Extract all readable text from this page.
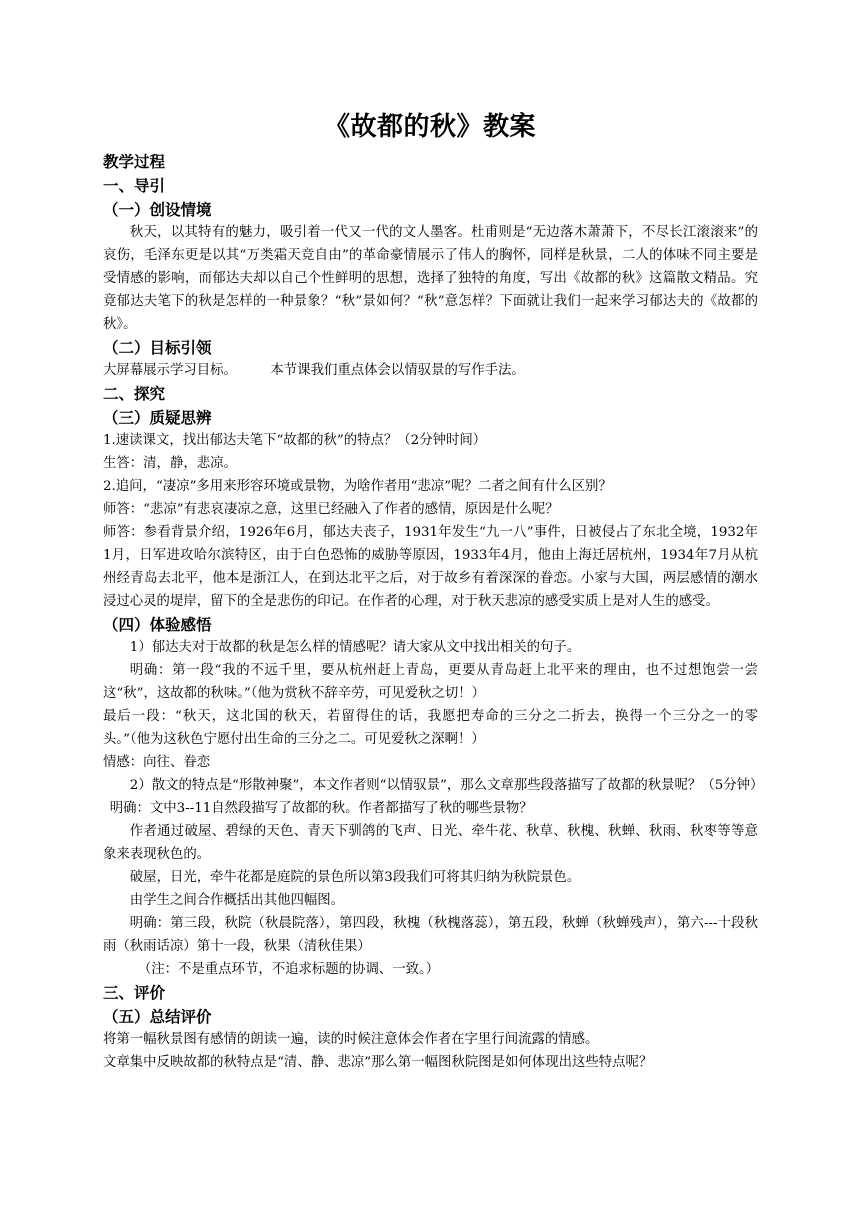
《故都的秋》教案

教学过程

一、导引

（一）创设情境

秋天，以其特有的魅力，吸引着一代又一代的文人墨客。杜甫则是“无边落木萧萧下，不尽长江滚滚来”的哀伤，毛泽东更是以其“万类霜天竞自由”的革命豪情展示了伟人的胸怀，同样是秋景，二人的体味不同主要是受情感的影响，而郁达夫却以自己个性鲜明的思想，选择了独特的角度，写出《故都的秋》这篇散文精品。究竟郁达夫笔下的秋是怎样的一种景象？“秋”景如何？“秋”意怎样？下面就让我们一起来学习郁达夫的《故都的秋》。

（二）目标引领

大屏幕展示学习目标。	本节课我们重点体会以情驭景的写作手法。

二、探究

（三）质疑思辨

1.速读课文，找出郁达夫笔下“故都的秋”的特点？（2分钟时间）

生答：清，静，悲凉。

2.追问，“凄凉”多用来形容环境或景物，为啥作者用“悲凉”呢？二者之间有什么区别？

师答：“悲凉”有悲哀凄凉之意，这里已经融入了作者的感情，原因是什么呢？

师答：参看背景介绍，1926年6月，郁达夫丧子，1931年发生“九一八”事件，日被侵占了东北全境，1932年1月，日军进攻哈尔滨特区，由于白色恐怖的威胁等原因，1933年4月，他由上海迁居杭州，1934年7月从杭州经青岛去北平，他本是浙江人，在到达北平之后，对于故乡有着深深的眷恋。小家与大国，两层感情的潮水浸过心灵的堤岸，留下的全是悲伤的印记。在作者的心理，对于秋天悲凉的感受实质上是对人生的感受。

（四）体验感悟

1）郁达夫对于故都的秋是怎么样的情感呢？请大家从文中找出相关的句子。

明确：第一段“我的不远千里，要从杭州赶上青岛，更要从青岛赶上北平来的理由，也不过想饱尝一尝这“秋”，这故都的秋味。”（他为赏秋不辞辛劳，可见爱秋之切！）

最后一段：“秋天，这北国的秋天，若留得住的话，我愿把寿命的三分之二折去，换得一个三分之一的零头。”（他为这秋色宁愿付出生命的三分之二。可见爱秋之深啊！）

情感：向往、眷恋

2）散文的特点是“形散神聚”，本文作者则“以情驭景”，那么文章那些段落描写了故都的秋景呢？（5分钟）

明确：文中3--11自然段描写了故都的秋。作者都描写了秋的哪些景物？

作者通过破屋、碧绿的天色、青天下驯鸽的飞声、日光、牵牛花、秋草、秋槐、秋蝉、秋雨、秋枣等等意象来表现秋色的。

破屋，日光，牵牛花都是庭院的景色所以第3段我们可将其归纳为秋院景色。

由学生之间合作概括出其他四幅图。

明确：第三段，秋院（秋晨院落），第四段，秋槐（秋槐落蕊），第五段，秋蝉（秋蝉残声），第六---十段秋雨（秋雨话凉）第十一段，秋果（清秋佳果）

（注：不是重点环节，不追求标题的协调、一致。）

三、评价

（五）总结评价

将第一幅秋景图有感情的朗读一遍，读的时候注意体会作者在字里行间流露的情感。

文章集中反映故都的秋特点是“清、静、悲凉”那么第一幅图秋院图是如何体现出这些特点呢？
